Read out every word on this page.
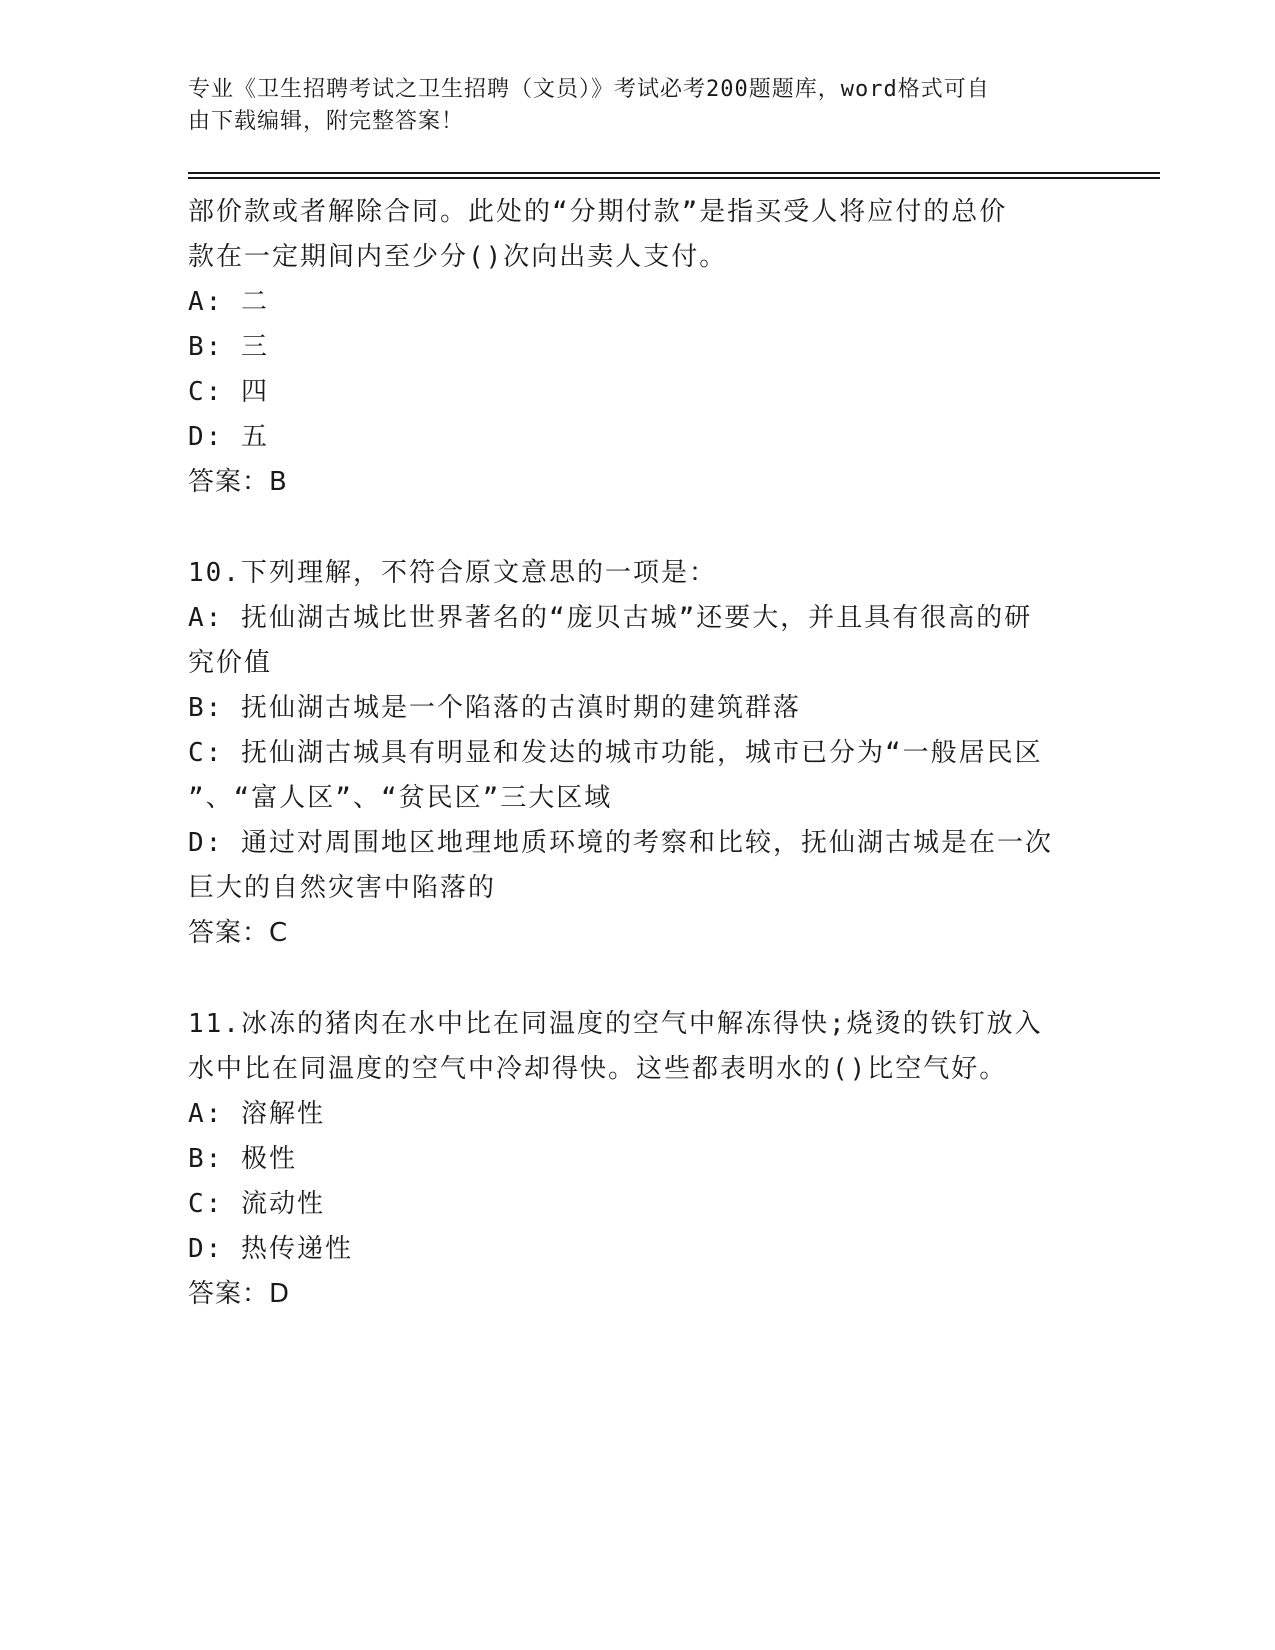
专业《卫生招聘考试之卫生招聘（文员）》考试必考200题题库，word格式可自
由下载编辑，附完整答案！
部价款或者解除合同。此处的“分期付款”是指买受人将应付的总价
款在一定期间内至少分()次向出卖人支付。
A: 二
B: 三
C: 四
D: 五
答案：B
10.下列理解，不符合原文意思的一项是：
A: 抚仙湖古城比世界著名的“庞贝古城”还要大，并且具有很高的研
究价值
B: 抚仙湖古城是一个陷落的古滇时期的建筑群落
C: 抚仙湖古城具有明显和发达的城市功能，城市已分为“一般居民区
”、“富人区”、“贫民区”三大区域
D: 通过对周围地区地理地质环境的考察和比较，抚仙湖古城是在一次
巨大的自然灾害中陷落的
答案：C
11.冰冻的猪肉在水中比在同温度的空气中解冻得快;烧烫的铁钉放入
水中比在同温度的空气中冷却得快。这些都表明水的()比空气好。
A: 溶解性
B: 极性
C: 流动性
D: 热传递性
答案：D
